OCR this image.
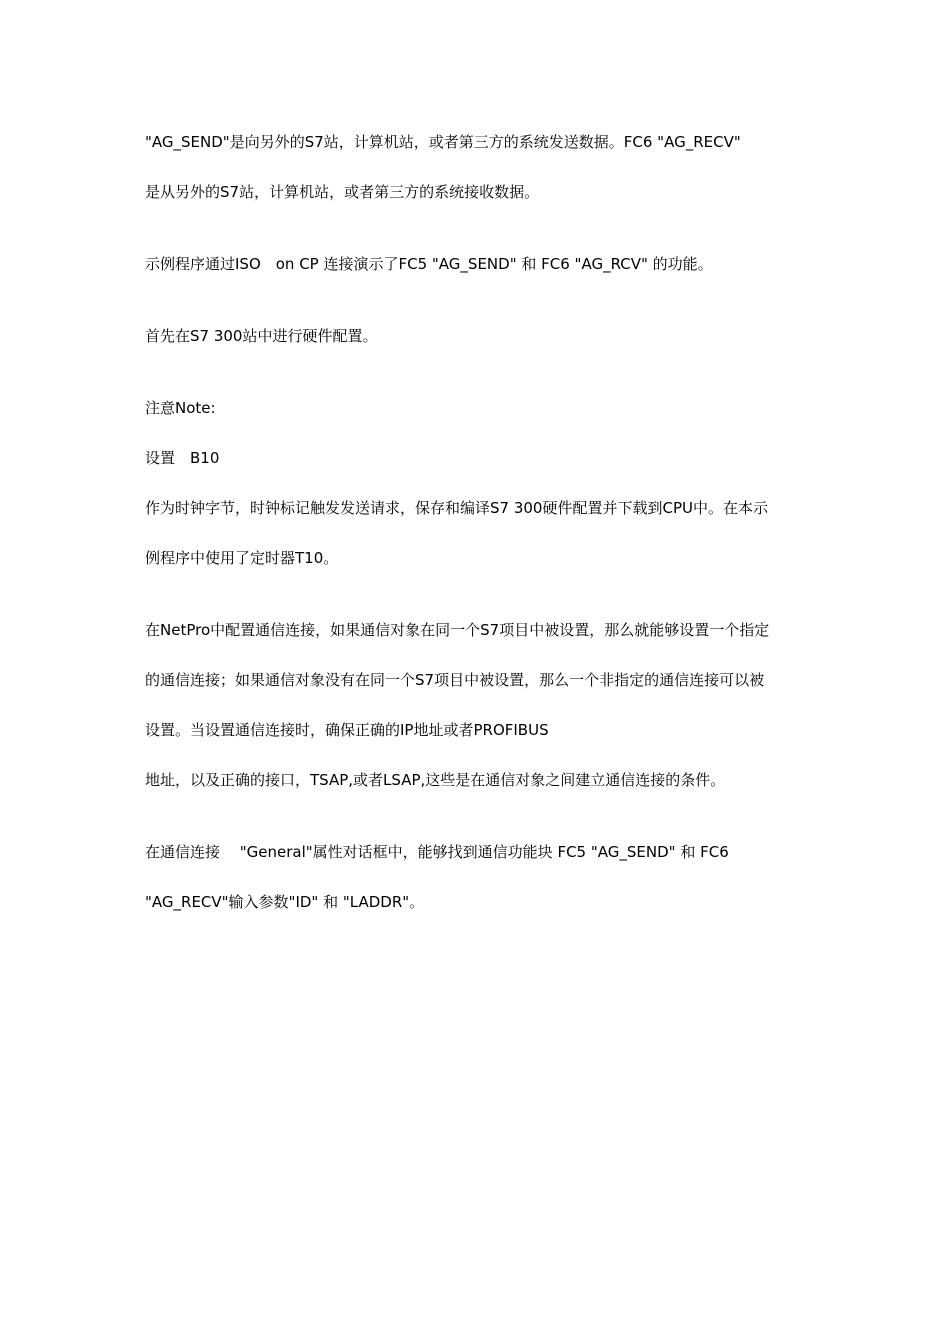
"AG_SEND"是向另外的S7站，计算机站，或者第三方的系统发送数据。FC6 "AG_RECV"
是从另外的S7站，计算机站，或者第三方的系统接收数据。
示例程序通过ISO　on CP 连接演示了FC5 "AG_SEND" 和 FC6 "AG_RCV" 的功能。
首先在S7 300站中进行硬件配置。
注意Note:
设置　B10
作为时钟字节，时钟标记触发发送请求，保存和编译S7 300硬件配置并下载到CPU中。在本示
例程序中使用了定时器T10。
在NetPro中配置通信连接，如果通信对象在同一个S7项目中被设置，那么就能够设置一个指定
的通信连接；如果通信对象没有在同一个S7项目中被设置，那么一个非指定的通信连接可以被
设置。当设置通信连接时，确保正确的IP地址或者PROFIBUS
地址，以及正确的接口，TSAP,或者LSAP,这些是在通信对象之间建立通信连接的条件。
在通信连接　 "General"属性对话框中，能够找到通信功能块 FC5 "AG_SEND" 和 FC6
"AG_RECV"输入参数"ID" 和 "LADDR"。
